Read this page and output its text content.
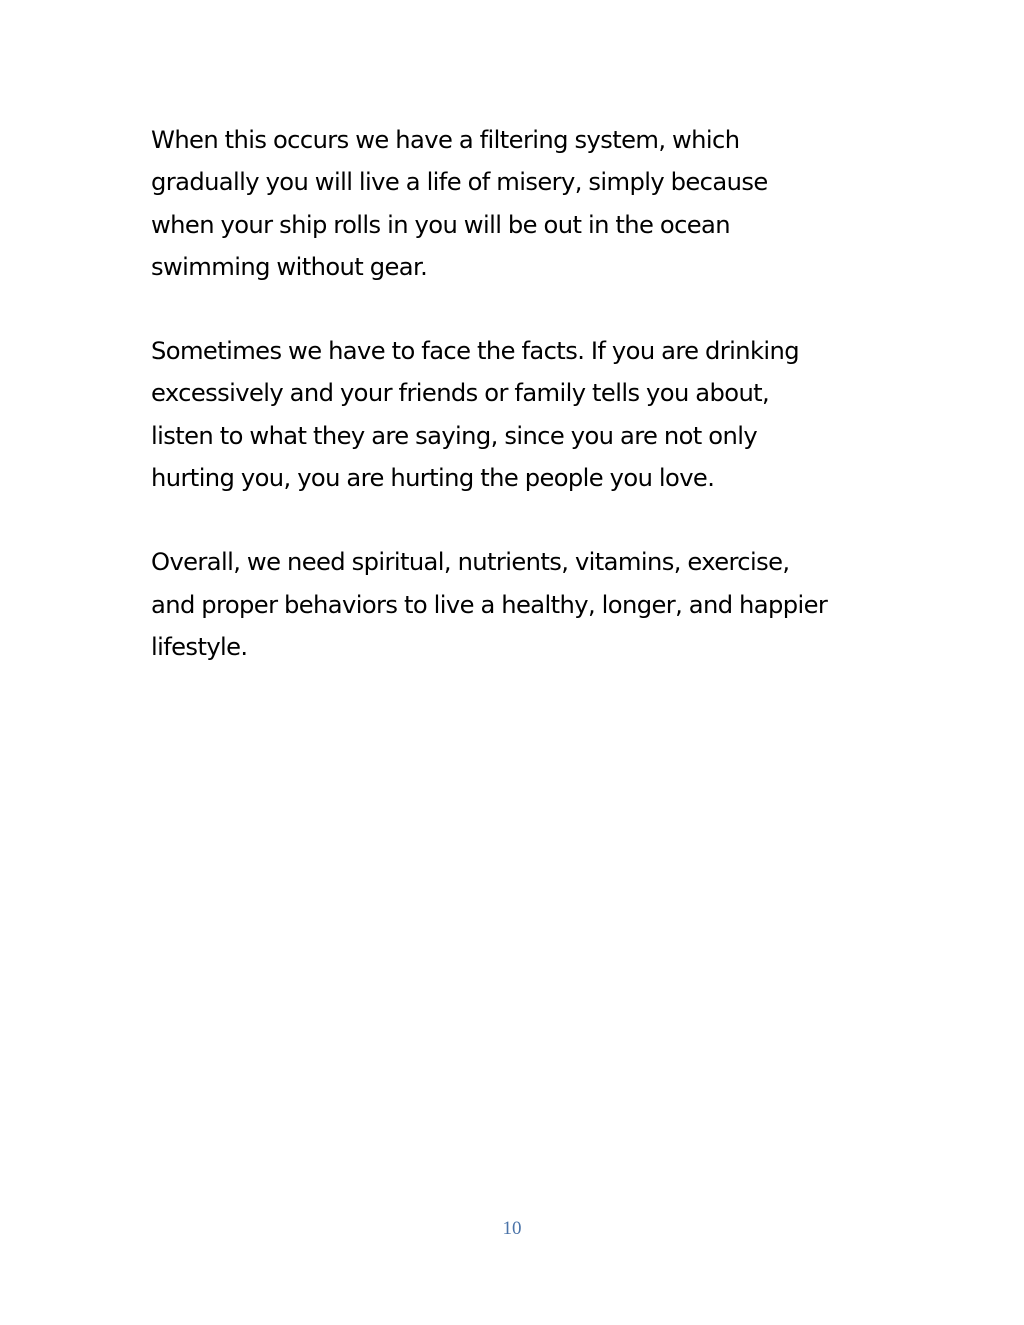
When this occurs we have a filtering system, which
gradually you will live a life of misery, simply because
when your ship rolls in you will be out in the ocean
swimming without gear.

Sometimes we have to face the facts. If you are drinking
excessively and your friends or family tells you about,
listen to what they are saying, since you are not only
hurting you, you are hurting the people you love.

Overall, we need spiritual, nutrients, vitamins, exercise,
and proper behaviors to live a healthy, longer, and happier
lifestyle.

10
